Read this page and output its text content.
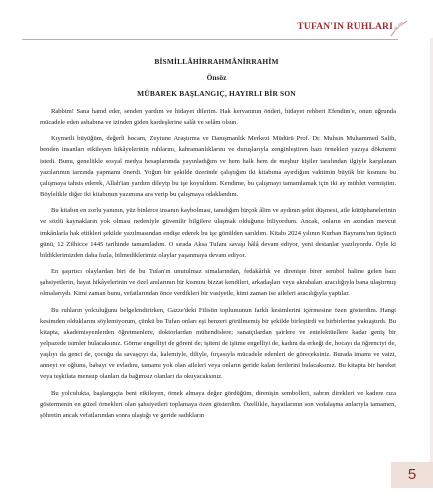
TUFAN'IN RUHLARI
BİSMİLLÂHİRRAHMÂNİRRAHÎM
Önsöz
MÜBAREK BAŞLANGIÇ, HAYIRLI BİR SON

Rabbim! Sana hamd eder, senden yardım ve hidayet dilerim. Hak kervanının önderi, hidayet rehberi Efendim'e, onun uğrunda mücadele eden ashabına ve izinden giden kardeşlerine salât ve selâm olsun.

Kıymetli büyüğüm, değerli hocam, Zeytune Araştırma ve Danışmanlık Merkezi Müdürü Prof. Dr. Muhsin Muhammed Salih, benden insanları etkileyen hikâyelerinin ruhlarını, kahramanlıklarını ve duruşlarıyla zenginleştiren bazı örnekleri yazıya dökmemi istedi. Bunu, geneliikle sosyal medya hesaplarımda yayınladığım ve hem halk hem de meşhur kişiler tarafından ilgiyle karşılanan yazılarımın tarzında yapmamı önerdi. Yoğun bir şekilde üzerinde çalıştığım iki kitabıma ayırdığım vaktimin büyük bir kısmını bu çalışmaya tahsis ederek, Allah'tan yardım dileyip bu işe koyuldum. Kendime, bu çalışmayı tamamlamak için iki ay mühlet vermiştim. Böylelikle diğer iki kitabımın yazımına ara verip bu çalışmaya odaklandım.

Bu kitabın en zorlu yanının, yüz binlerce insanın kaybolması, tanıdığım birçok âlim ve aydının şehit düşmesi, aile kütüphanelerinin ve sözlü kaynakların yok olması nedeniyle güvenilir bilgilere ulaşmak olduğunu biliyordum. Ancak, onların en azından mevcut imkânlarla hak ettikleri şekilde yazılmasından endişe ederek bu işe gönülden sarıldım. Kitabı 2024 yılının Kurban Bayramı'nın üçüncü günü, 12 Zilhicce 1445 tarihinde tamamladım. O sırada Aksa Tufanı savaşı hâlâ devam ediyor, yeni destanlar yazılıyordu. Öyle ki bildiklerimizden daha fazla, bilmediklerimiz olaylar yaşanmaya devam ediyor.

En şaşırtıcı olaylardan biri de bu Tufan'ın unutulmaz simalarından, fedakârlık ve direnişte birer sembol haline gelen bazı şahsiyetlerin, hayat hikâyelerinin ve özel anılarının bir kısmını bizzat kendileri, arkadaşları veya akrabaları aracılığıyla bana ulaştırmış olmalarıydı. Kimi zaman bunu, vefatlarından önce verdikleri bir vasiyetle, kimi zaman ise aileleri aracılığıyla yaptılar.

Bu ruhların yolculuğunu belgelendirirken, Gazze'deki Filistin toplumunun farklı kesimlerini içermesine özen gösterdim. Hangi kesimden olduklarını söylemiyorum, çünkü bu Tufan onları eşi benzeri görülmemiş bir şekilde birleştirdi ve birbirlerine yakıaştırdı. Bu kitapta, akademisyenlerden öğretmenlere, doktorlardan mühendislere; sanatçılardan şairlere ve entelektüellere kadar geniş bir yelpazede isimler bulacaksınız. Görme engelliyi de göreni de; işiteni de işitme engelliyi de, kadını da erkeği de, hocayı da öğrenciyi de, yaşlıyı da genci de, çocuğu da savaşçıyı da, kalemiyle, diliyle, fırçasıyla mücadele edenleri de göreceksiniz. Burada imamı ve vaizi, anneyi ve oğlunu, babayı ve evladını, tamamı yok olan aileleri veya onların geride kalan fertlerini bulacaksınız. Bu kitapta bir hareket veya teşkilata mensup olanları da bağımsız olanları da okuyacaksınız.

Bu yolculukta, başlangıçta beni etkileyen, örnek almaya değer gördüğüm, direnişin sembolleri, sabrın direkleri ve kadere rıza göstermenin en güzel örnekleri olan şahsiyetleri toplamaya özen gösterdim. Özellikle, hayatlarının son vedalaşma anlarıyla tamamen, şöhretin ancak vefatlarından sonra ulaştığı ve geride sadıkların

5
